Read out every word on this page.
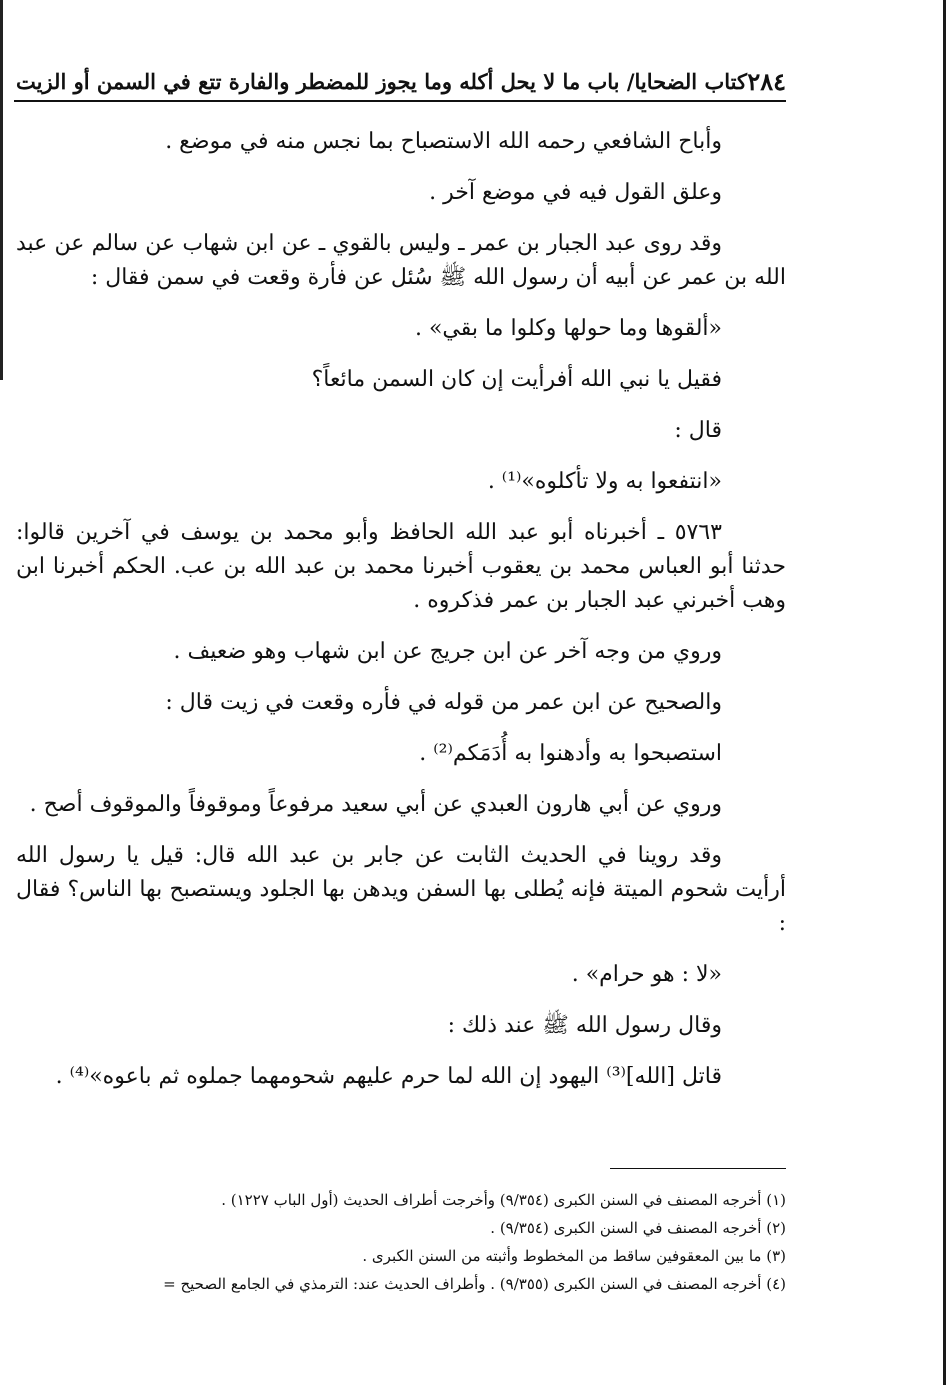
٢٨٤
كتاب الضحايا/ باب ما لا يحل أكله وما يجوز للمضطر والفارة تتع في السمن أو الزيت

وأباح الشافعي رحمه الله الاستصباح بما نجس منه في موضع .

وعلق القول فيه في موضع آخر .

وقد روى عبد الجبار بن عمر ـ وليس بالقوي ـ عن ابن شهاب عن سالم عن عبد الله بن عمر عن أبيه أن رسول الله ﷺ سُئل عن فأرة وقعت في سمن فقال :

«ألقوها وما حولها وكلوا ما بقي» .

فقيل يا نبي الله أفرأيت إن كان السمن مائعاً؟

قال :

«انتفعوا به ولا تأكلوه»⁽¹⁾ .

٥٧٦٣ ـ أخبرناه أبو عبد الله الحافظ وأبو محمد بن يوسف في آخرين قالوا: حدثنا أبو العباس محمد بن يعقوب أخبرنا محمد بن عبد الله بن عب. الحكم أخبرنا ابن وهب أخبرني عبد الجبار بن عمر فذكروه .

وروي من وجه آخر عن ابن جريج عن ابن شهاب وهو ضعيف .

والصحيح عن ابن عمر من قوله في فأره وقعت في زيت قال :

استصبحوا به وأدهنوا به أُدَمَكم⁽²⁾ .

وروي عن أبي هارون العبدي عن أبي سعيد مرفوعاً وموقوفاً والموقوف أصح .

وقد روينا في الحديث الثابت عن جابر بن عبد الله قال: قيل يا رسول الله أرأيت شحوم الميتة فإنه يُطلى بها السفن ويدهن بها الجلود ويستصبح بها الناس؟ فقال :

«لا : هو حرام» .

وقال رسول الله ﷺ عند ذلك :

قاتل [الله]⁽³⁾ اليهود إن الله لما حرم عليهم شحومهما جملوه ثم باعوه»⁽⁴⁾ .

(١) أخرجه المصنف في السنن الكبرى (٩/٣٥٤) وأخرجت أطراف الحديث (أول الباب ١٢٢٧) .

(٢) أخرجه المصنف في السنن الكبرى (٩/٣٥٤) .

(٣) ما بين المعقوفين ساقط من المخطوط وأثبته من السنن الكبرى .

(٤) أخرجه المصنف في السنن الكبرى (٩/٣٥٥) . وأطراف الحديث عند: الترمذي في الجامع الصحيح =
